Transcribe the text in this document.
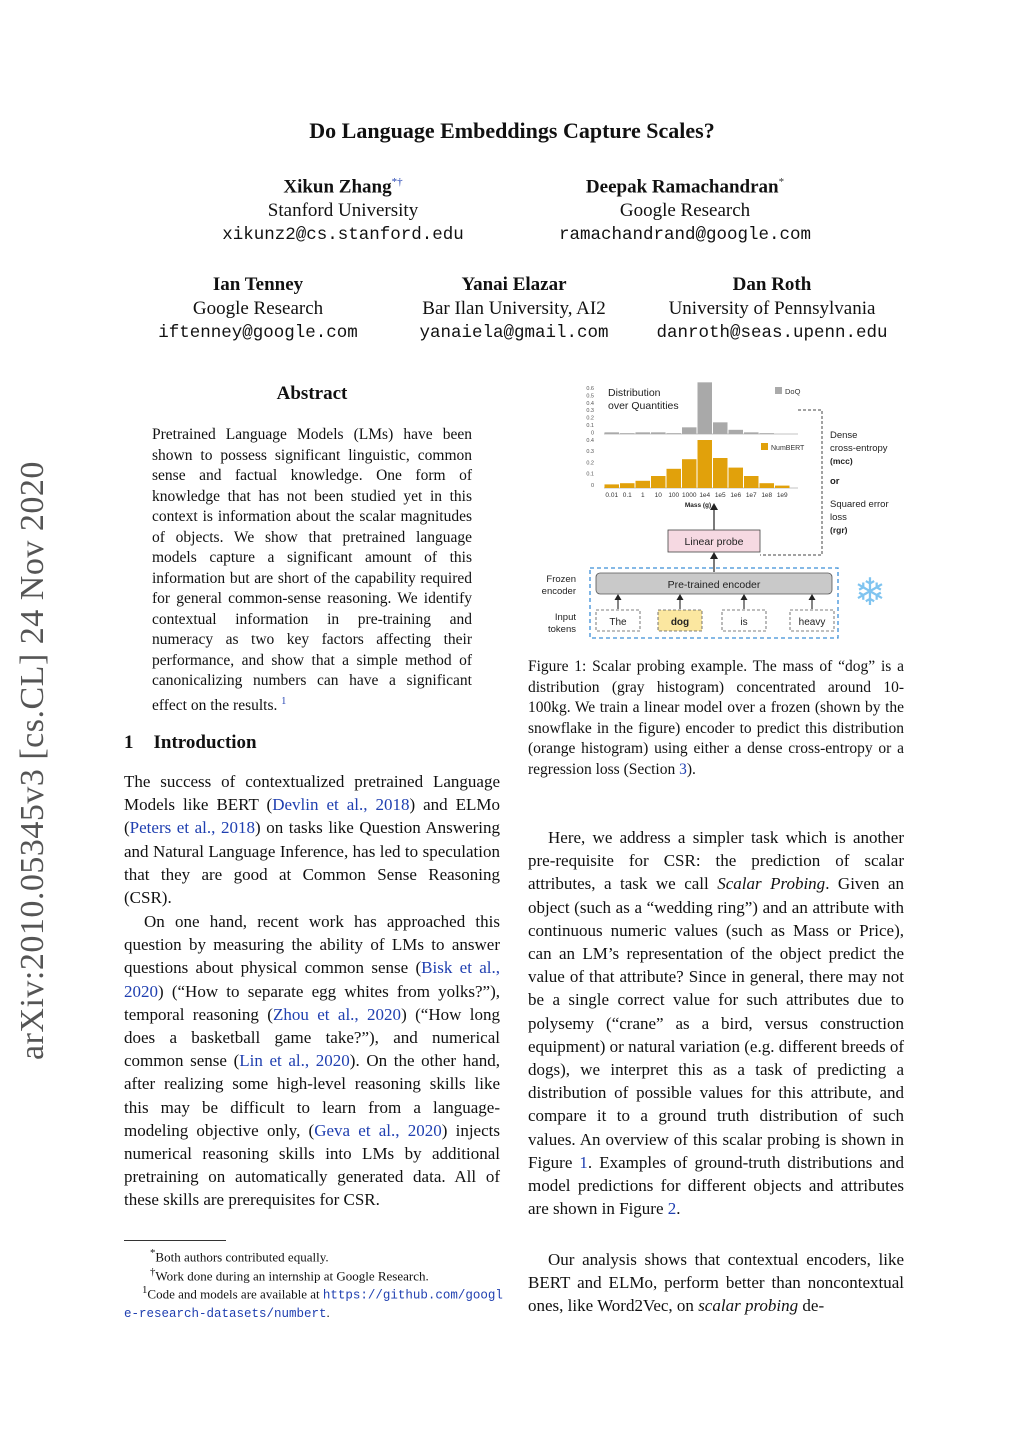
arXiv:2010.05345v3 [cs.CL] 24 Nov 2020
Do Language Embeddings Capture Scales?
Xikun Zhang*†
Stanford University
xikunz2@cs.stanford.edu
Deepak Ramachandran*
Google Research
ramachandrand@google.com
Ian Tenney
Google Research
iftenney@google.com
Yanai Elazar
Bar Ilan University, AI2
yanaiela@gmail.com
Dan Roth
University of Pennsylvania
danroth@seas.upenn.edu
Abstract
Pretrained Language Models (LMs) have been shown to possess significant linguistic, common sense and factual knowledge. One form of knowledge that has not been studied yet in this context is information about the scalar magnitudes of objects. We show that pretrained language models capture a significant amount of this information but are short of the capability required for general common-sense reasoning. We identify contextual information in pre-training and numeracy as two key factors affecting their performance, and show that a simple method of canonicalizing numbers can have a significant effect on the results. $^1$
1 Introduction
The success of contextualized pretrained Language Models like BERT (Devlin et al., 2018) and ELMo (Peters et al., 2018) on tasks like Question Answering and Natural Language Inference, has led to speculation that they are good at Common Sense Reasoning (CSR).
On one hand, recent work has approached this question by measuring the ability of LMs to answer questions about physical common sense (Bisk et al., 2020) (“How to separate egg whites from yolks?”), temporal reasoning (Zhou et al., 2020) (“How long does a basketball game take?”), and numerical common sense (Lin et al., 2020). On the other hand, after realizing some high-level reasoning skills like this may be difficult to learn from a language-modeling objective only, (Geva et al., 2020) injects numerical reasoning skills into LMs by additional pretraining on automatically generated data. All of these skills are prerequisites for CSR.
*Both authors contributed equally.
†Work done during an internship at Google Research.
$^1$Code and models are available at https://github.com/google-research-datasets/numbert.
Distribution
over Quantities
DoQ
NumBERT
0.6
0.5
0.4
0.3
0.2
0.1
0
0.4
0.3
0.2
0.1
0
0.01 0.1 1 10 100 1000 1e4 1e5 1e6 1e7 1e8 1e9
Mass (g)
Dense
cross-entropy
(mcc)
or
Squared error
loss
(rgr)
Linear probe
Pre-trained encoder
Frozen
encoder
Input
tokens
The	dog	is	heavy
❄
Figure 1: Scalar probing example. The mass of “dog” is a distribution (gray histogram) concentrated around 10-100kg. We train a linear model over a frozen (shown by the snowflake in the figure) encoder to predict this distribution (orange histogram) using either a dense cross-entropy or a regression loss (Section 3).
Here, we address a simpler task which is another pre-requisite for CSR: the prediction of scalar attributes, a task we call Scalar Probing. Given an object (such as a “wedding ring”) and an attribute with continuous numeric values (such as Mass or Price), can an LM’s representation of the object predict the value of that attribute? Since in general, there may not be a single correct value for such attributes due to polysemy (“crane” as a bird, versus construction equipment) or natural variation (e.g. different breeds of dogs), we interpret this as a task of predicting a distribution of possible values for this attribute, and compare it to a ground truth distribution of such values. An overview of this scalar probing is shown in Figure 1. Examples of ground-truth distributions and model predictions for different objects and attributes are shown in Figure 2.
Our analysis shows that contextual encoders, like BERT and ELMo, perform better than noncontextual ones, like Word2Vec, on scalar probing de-
